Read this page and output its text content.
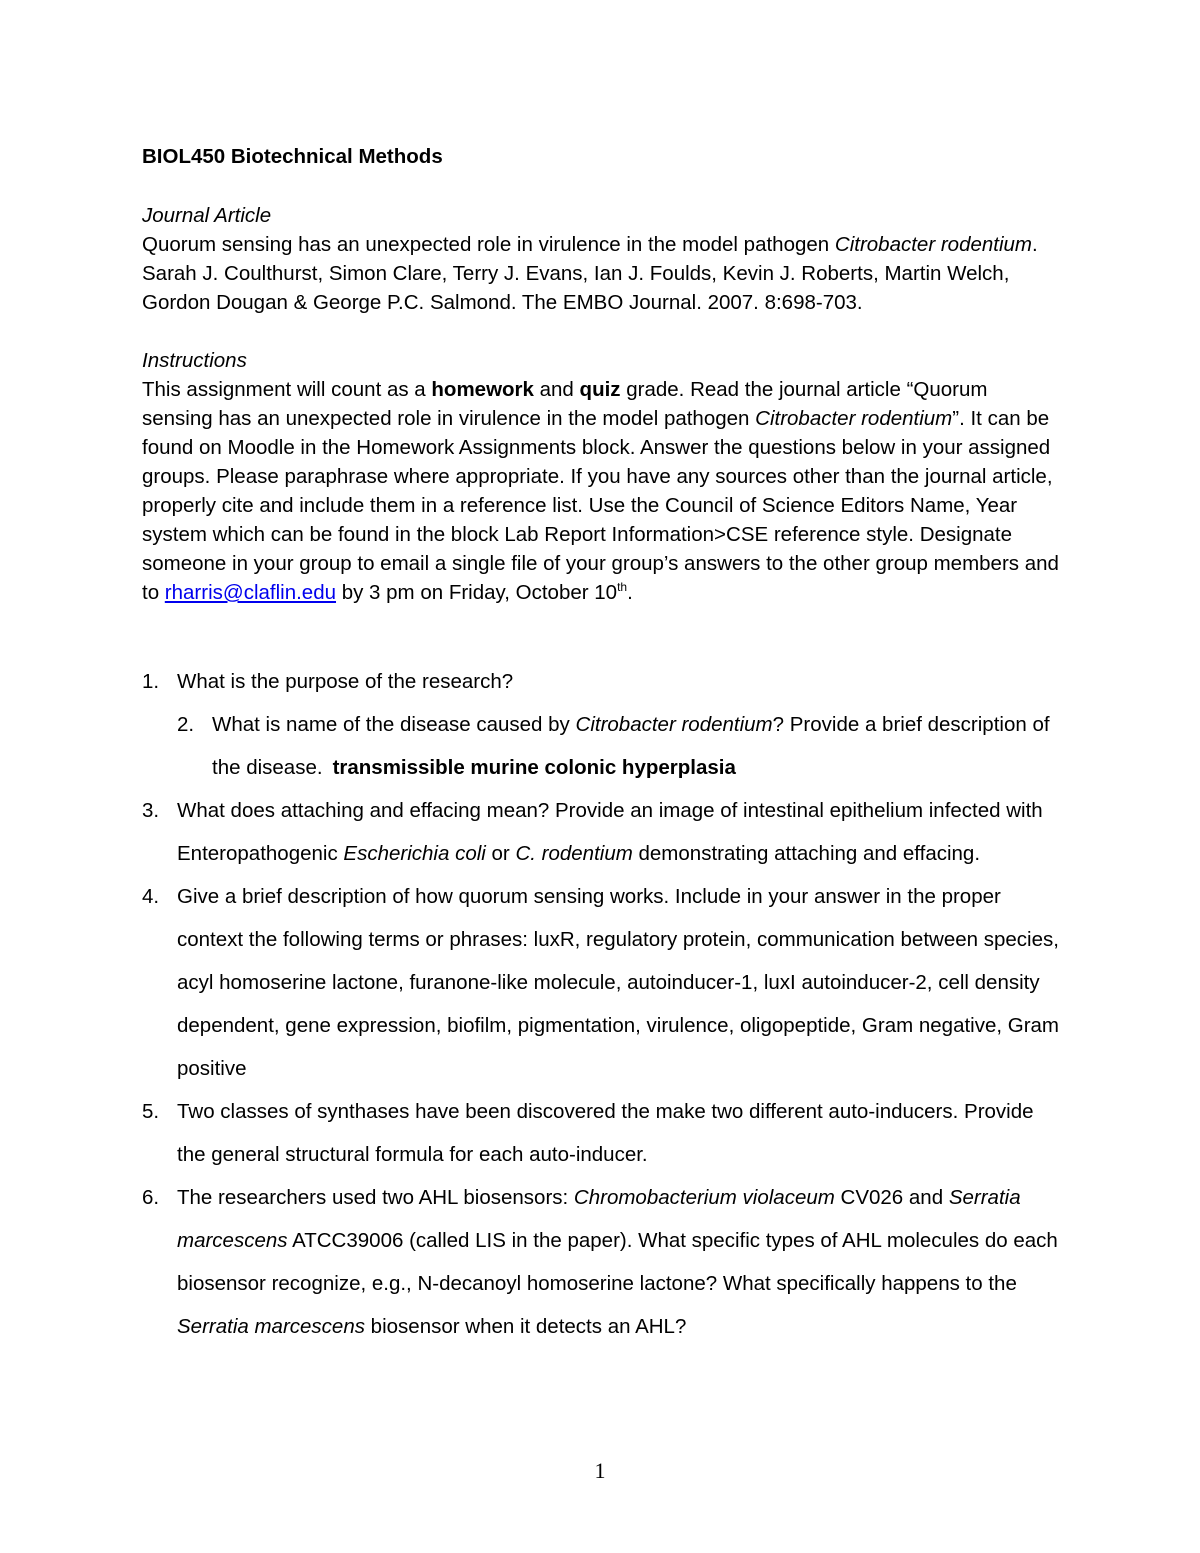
BIOL450 Biotechnical Methods

Journal Article

Quorum sensing has an unexpected role in virulence in the model pathogen Citrobacter rodentium. Sarah J. Coulthurst, Simon Clare, Terry J. Evans, Ian J. Foulds, Kevin J. Roberts, Martin Welch, Gordon Dougan & George P.C. Salmond. The EMBO Journal. 2007. 8:698-703.

Instructions

This assignment will count as a homework and quiz grade. Read the journal article “Quorum sensing has an unexpected role in virulence in the model pathogen Citrobacter rodentium”. It can be found on Moodle in the Homework Assignments block. Answer the questions below in your assigned groups. Please paraphrase where appropriate. If you have any sources other than the journal article, properly cite and include them in a reference list. Use the Council of Science Editors Name, Year system which can be found in the block Lab Report Information>CSE reference style. Designate someone in your group to email a single file of your group’s answers to the other group members and to rharris@claflin.edu by 3 pm on Friday, October 10th.

1. What is the purpose of the research?
2. What is name of the disease caused by Citrobacter rodentium? Provide a brief description of the disease. transmissible murine colonic hyperplasia
3. What does attaching and effacing mean? Provide an image of intestinal epithelium infected with Enteropathogenic Escherichia coli or C. rodentium demonstrating attaching and effacing.
4. Give a brief description of how quorum sensing works. Include in your answer in the proper context the following terms or phrases: luxR, regulatory protein, communication between species, acyl homoserine lactone, furanone-like molecule, autoinducer-1, luxI autoinducer-2, cell density dependent, gene expression, biofilm, pigmentation, virulence, oligopeptide, Gram negative, Gram positive
5. Two classes of synthases have been discovered the make two different auto-inducers. Provide the general structural formula for each auto-inducer.
6. The researchers used two AHL biosensors: Chromobacterium violaceum CV026 and Serratia marcescens ATCC39006 (called LIS in the paper). What specific types of AHL molecules do each biosensor recognize, e.g., N-decanoyl homoserine lactone? What specifically happens to the Serratia marcescens biosensor when it detects an AHL?
1
